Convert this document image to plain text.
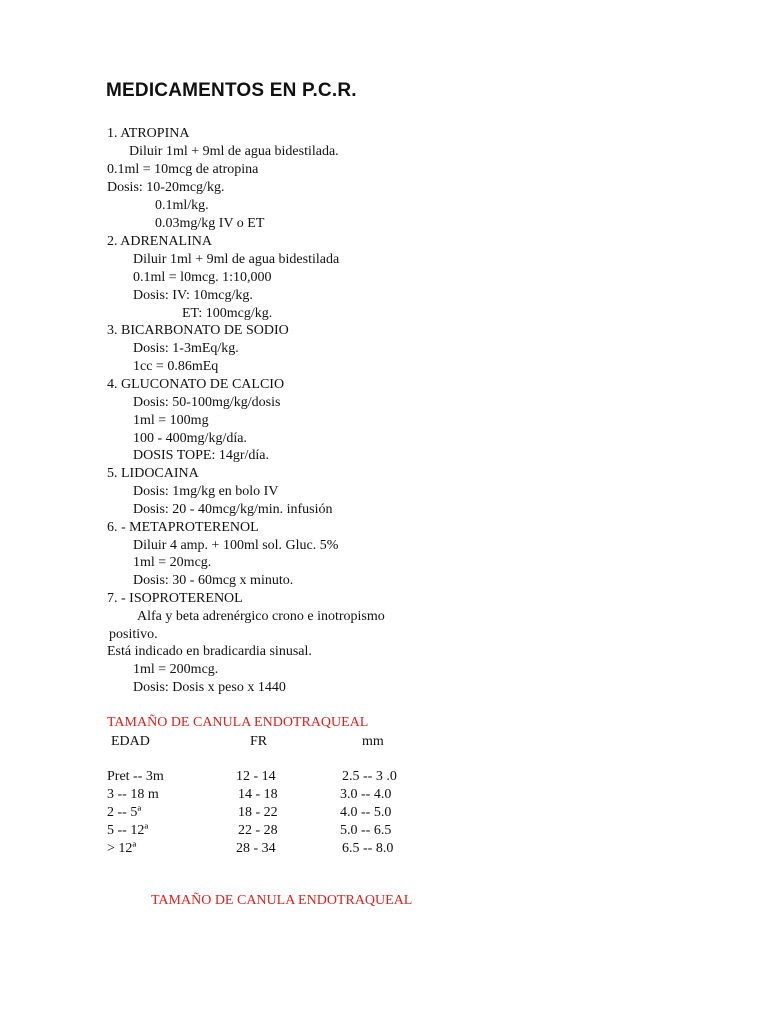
MEDICAMENTOS EN P.C.R.
1. ATROPINA
Diluir 1ml + 9ml de agua bidestilada.
0.1ml = 10mcg de atropina
Dosis: 10-20mcg/kg.
0.1ml/kg.
0.03mg/kg IV o ET
2. ADRENALINA
Diluir 1ml + 9ml de agua bidestilada
0.1ml = l0mcg. 1:10,000
Dosis: IV: 10mcg/kg.
ET: 100mcg/kg.
3. BICARBONATO DE SODIO
Dosis: 1-3mEq/kg.
1cc = 0.86mEq
4. GLUCONATO DE CALCIO
Dosis: 50-100mg/kg/dosis
1ml = 100mg
100 - 400mg/kg/día.
DOSIS TOPE: 14gr/día.
5. LIDOCAINA
Dosis: 1mg/kg en bolo IV
Dosis: 20 - 40mcg/kg/min. infusión
6. - METAPROTERENOL
Diluir 4 amp. + 100ml sol. Gluc. 5%
1ml = 20mcg.
Dosis: 30 - 60mcg x minuto.
7. - ISOPROTERENOL
Alfa y beta adrenérgico crono e inotropismo
positivo.
Está indicado en bradicardia sinusal.
1ml = 200mcg.
Dosis: Dosis x peso x 1440
TAMAÑO DE CANULA ENDOTRAQUEAL
EDAD	FR	mm
Pret -- 3m	12 - 14	2.5 -- 3 .0
3 -- 18 m	14 - 18	3.0 -- 4.0
2 -- 5ª	18 - 22	4.0 -- 5.0
5 -- 12ª	22 - 28	5.0 -- 6.5
> 12ª	28 - 34	6.5 -- 8.0
TAMAÑO DE CANULA ENDOTRAQUEAL
